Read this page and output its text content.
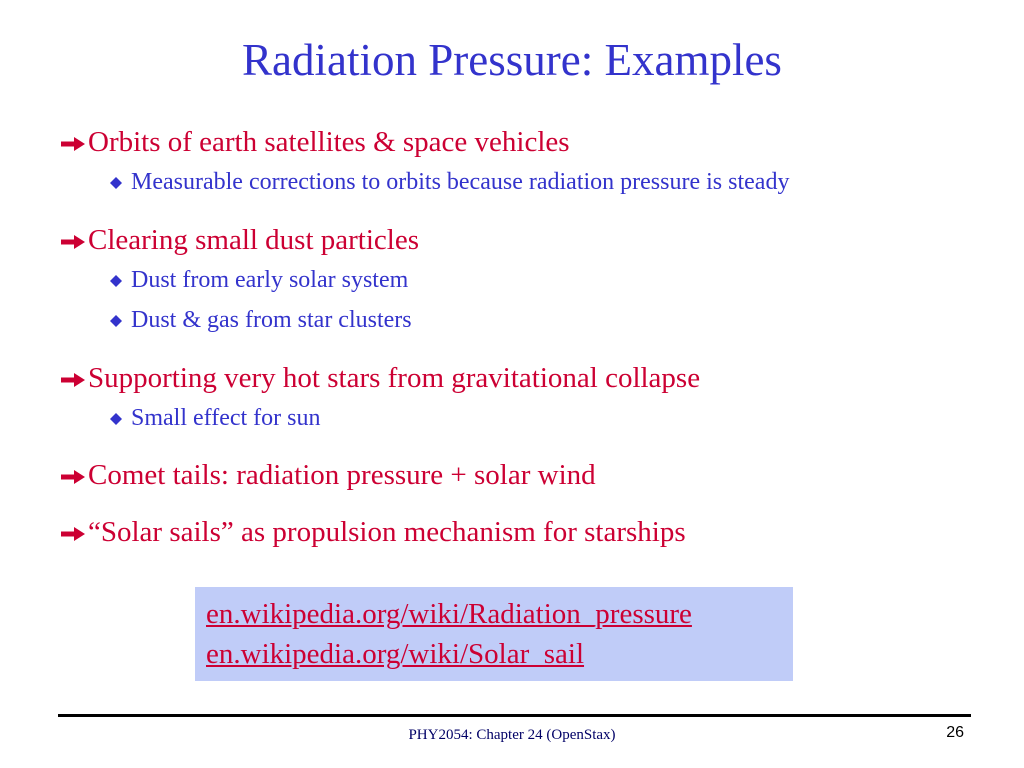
Radiation Pressure: Examples
Orbits of earth satellites & space vehicles
Measurable corrections to orbits because radiation pressure is steady
Clearing small dust particles
Dust from early solar system
Dust & gas from star clusters
Supporting very hot stars from gravitational collapse
Small effect for sun
Comet tails: radiation pressure + solar wind
“Solar sails” as propulsion mechanism for starships
en.wikipedia.org/wiki/Radiation_pressure
en.wikipedia.org/wiki/Solar_sail
PHY2054: Chapter 24 (OpenStax)	26
